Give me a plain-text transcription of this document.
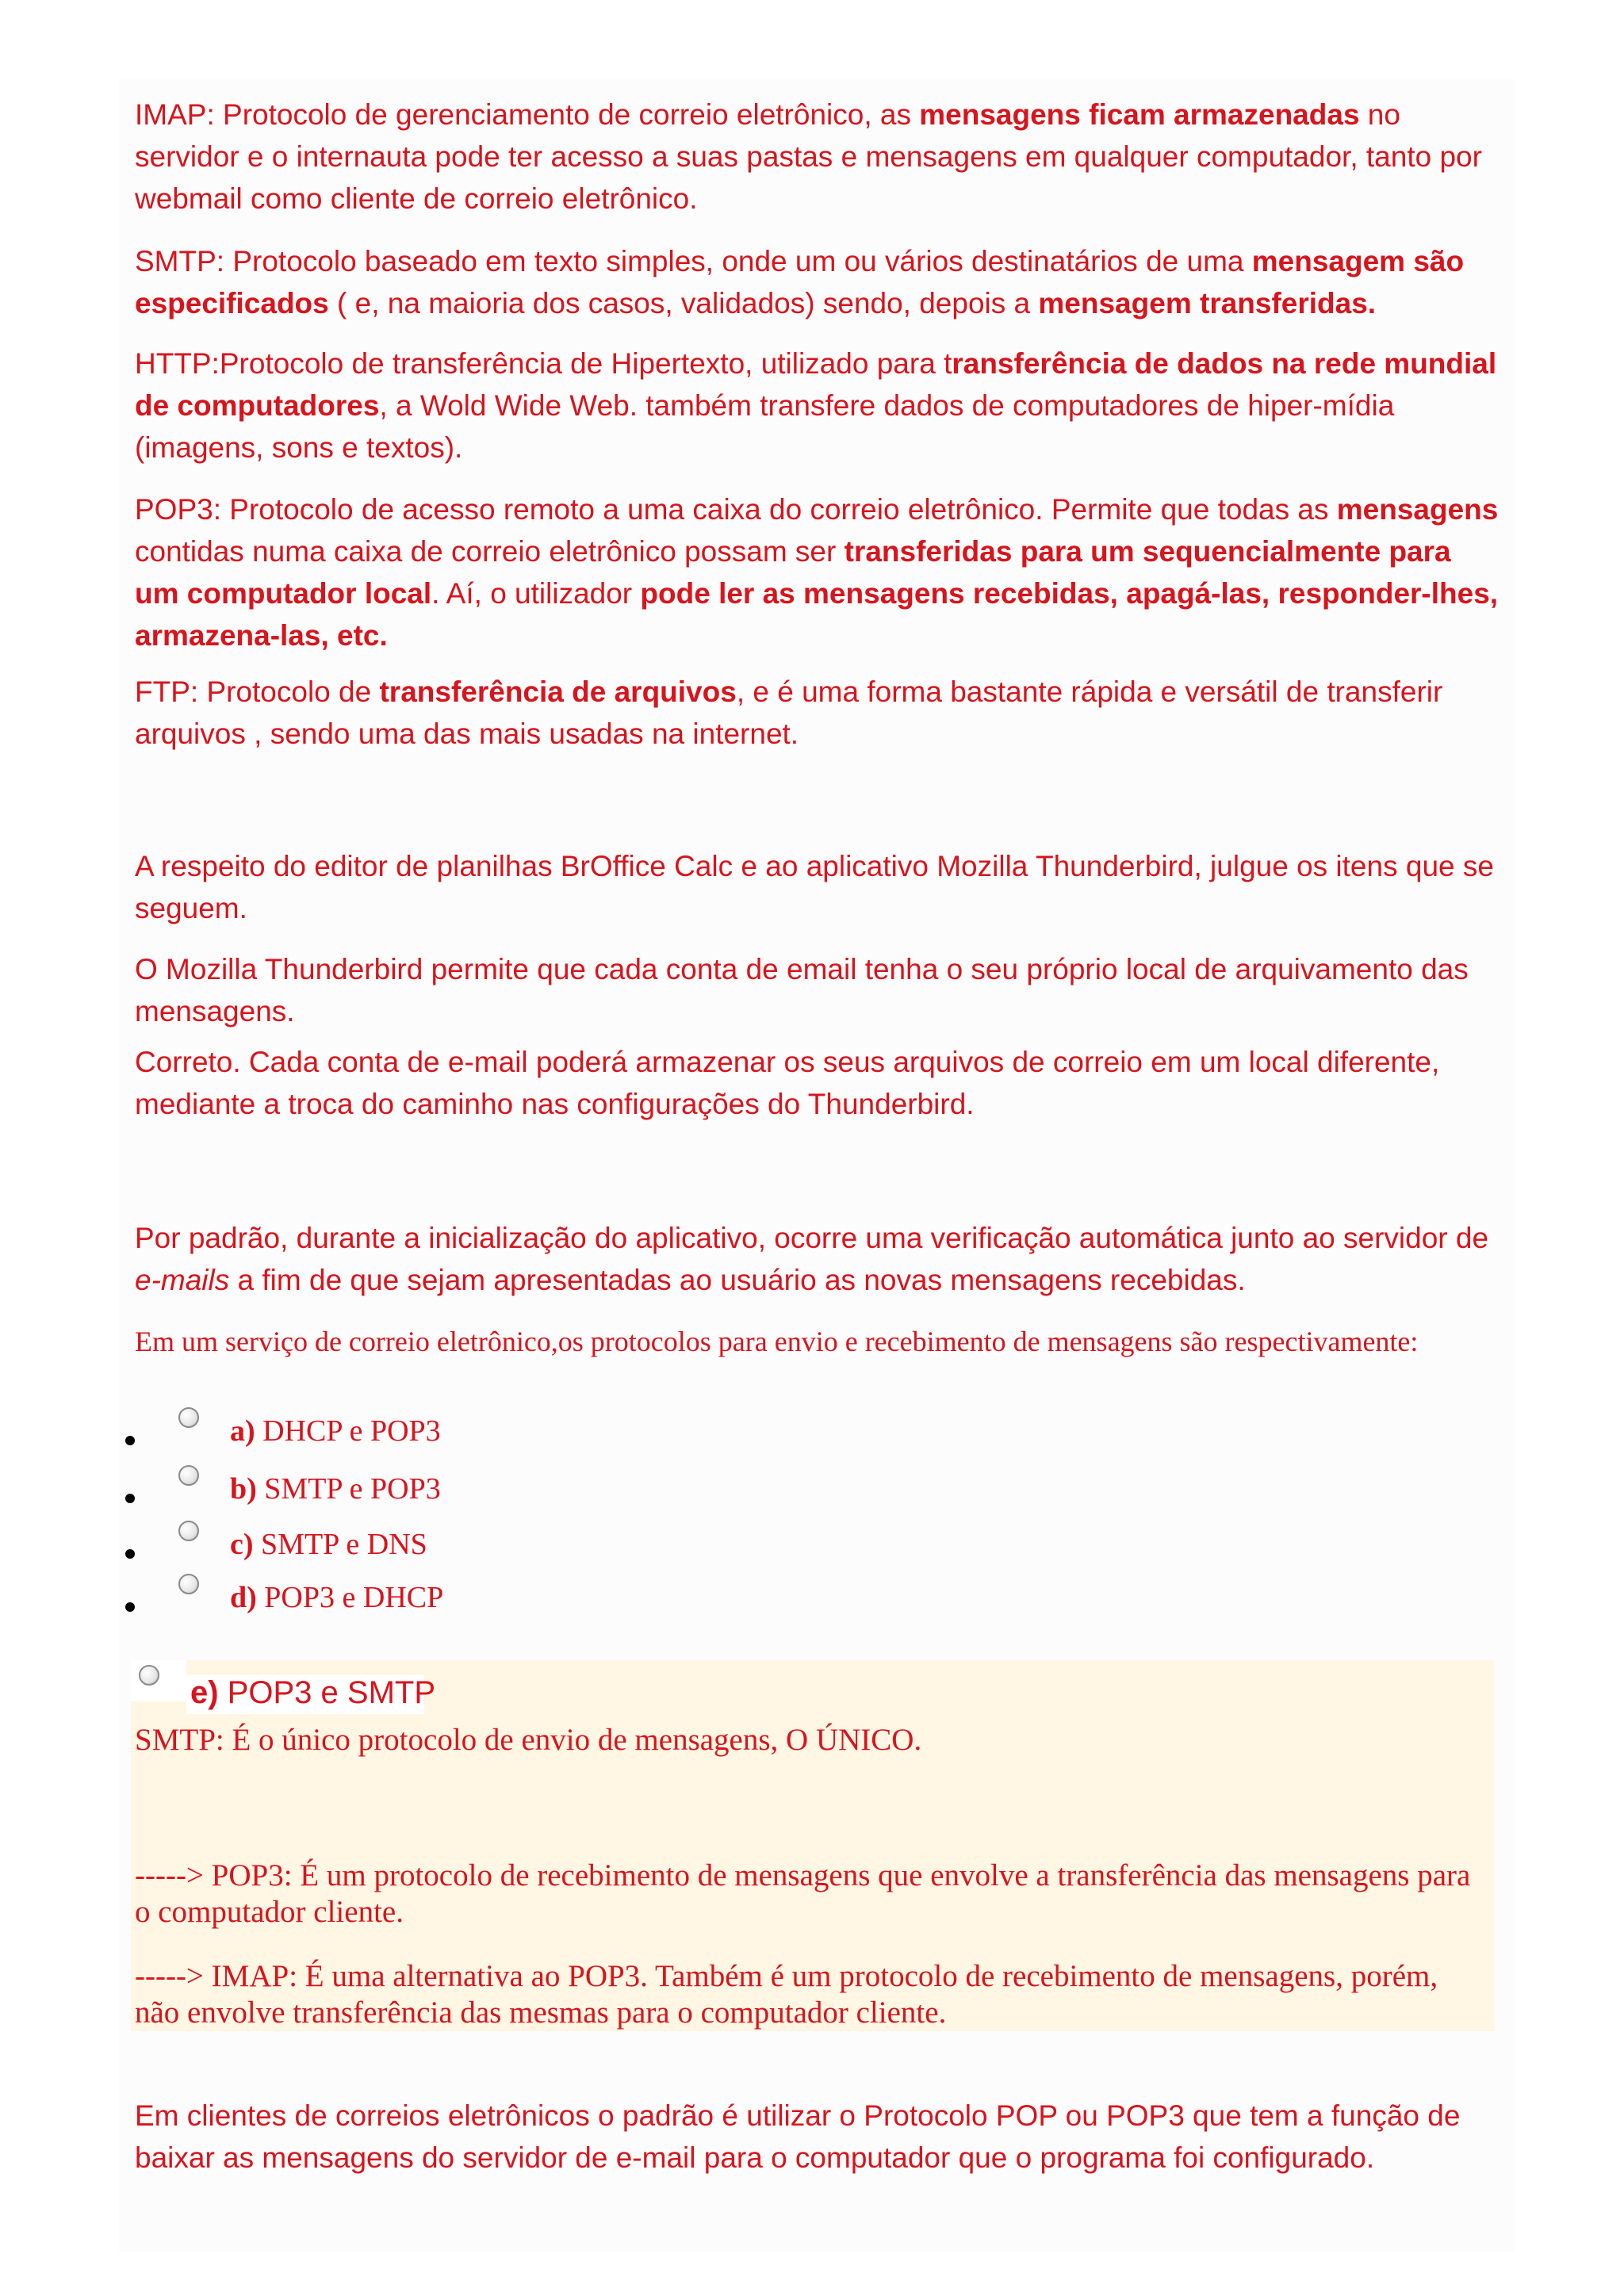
IMAP: Protocolo de gerenciamento de correio eletrônico, as mensagens ficam armazenadas no servidor e o internauta pode ter acesso a suas pastas e mensagens em qualquer computador, tanto por webmail como cliente de correio eletrônico.

SMTP: Protocolo baseado em texto simples, onde um ou vários destinatários de uma mensagem são especificados ( e, na maioria dos casos, validados) sendo, depois a mensagem transferidas.

HTTP:Protocolo de transferência de Hipertexto, utilizado para transferência de dados na rede mundial de computadores, a Wold Wide Web. também transfere dados de computadores de hiper-mídia (imagens, sons e textos).

POP3: Protocolo de acesso remoto a uma caixa do correio eletrônico. Permite que todas as mensagens contidas numa caixa de correio eletrônico possam ser transferidas para um sequencialmente para um computador local. Aí, o utilizador pode ler as mensagens recebidas, apagá-las, responder-lhes, armazena-las, etc.

FTP: Protocolo de transferência de arquivos, e é uma forma bastante rápida e versátil de transferir arquivos , sendo uma das mais usadas na internet.

A respeito do editor de planilhas BrOffice Calc e ao aplicativo Mozilla Thunderbird, julgue os itens que se seguem.

O Mozilla Thunderbird permite que cada conta de email tenha o seu próprio local de arquivamento das mensagens.

Correto. Cada conta de e-mail poderá armazenar os seus arquivos de correio em um local diferente, mediante a troca do caminho nas configurações do Thunderbird.

Por padrão, durante a inicialização do aplicativo, ocorre uma verificação automática junto ao servidor de e-mails a fim de que sejam apresentadas ao usuário as novas mensagens recebidas.

Em um serviço de correio eletrônico,os protocolos para envio e recebimento de mensagens são respectivamente:

a) DHCP e POP3
b) SMTP e POP3
c) SMTP e DNS
d) POP3 e DHCP
e) POP3 e SMTP

SMTP: É o único protocolo de envio de mensagens, O ÚNICO.

-----> POP3: É um protocolo de recebimento de mensagens que envolve a transferência das mensagens para o computador cliente.

-----> IMAP: É uma alternativa ao POP3. Também é um protocolo de recebimento de mensagens, porém, não envolve transferência das mesmas para o computador cliente.

Em clientes de correios eletrônicos o padrão é utilizar o Protocolo POP ou POP3 que tem a função de baixar as mensagens do servidor de e-mail para o computador que o programa foi configurado.
